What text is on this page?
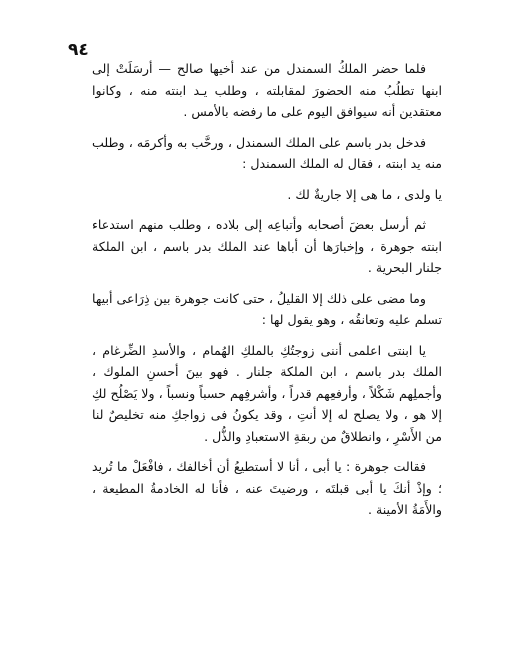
٩٤

فلما حضر الملكُ السمندل من عند أخيها صالح — أرسَلَتْ إلى ابنها تطلُبُ منه الحضورَ لمقابلته ، وطلب يـد ابنته منه ، وكانوا معتقدين أنه سيوافق اليوم على ما رفضه بالأمس .

فدخل بدر باسم على الملك السمندل ، ورحَّب به وأكرمَه ، وطلب منه يد ابنته ، فقال له الملك السمندل :

يا ولدى ، ما هى إلا جاريةٌ لك .

ثم أرسل بعضَ أصحابه وأتباعِه إلى بلاده ، وطلب منهم استدعاء ابنته جوهرة ، وإخبارَها أن أباها عند الملك بدر باسم ، ابن الملكة جلنار البحرية .

وما مضى على ذلك إلا القليلُ ، حتى كانت جوهرة بين ذِرَاعى أبيها تسلم عليه وتعانقُه ، وهو يقول لها :

يا ابنتى اعلمى أننى زوجتُكِ بالملكِ الهُمام ، والأسدِ الضِّرغام ، الملك بدر باسم ، ابن الملكة جلنار . فهو بينَ أحسنِ الملوك ، وأجملِهم شَكْلاً ، وأرفعِهم قدراً ، وأشرفِهم حسباً ونسباً ، ولا يَصْلُح لكِ إلا هو ، ولا يصلح له إلا أنتِ ، وقد يكونُ فى زواجكِ منه تخليصٌ لنا من الأَسْرِ ، وانطلاقٌ من ربقةِ الاستعبادِ والذُّل .

فقالت جوهرة : يا أبى ، أنا لا أستطيعُ أن أخالفك ، فافْعَلْ ما تُريد ؛ وإذْ أنكَ يا أبى قبلتَه ، ورضيتَ عنه ، فأنا له الخادمةُ المطيعة ، والأَمَةُ الأمينة .
